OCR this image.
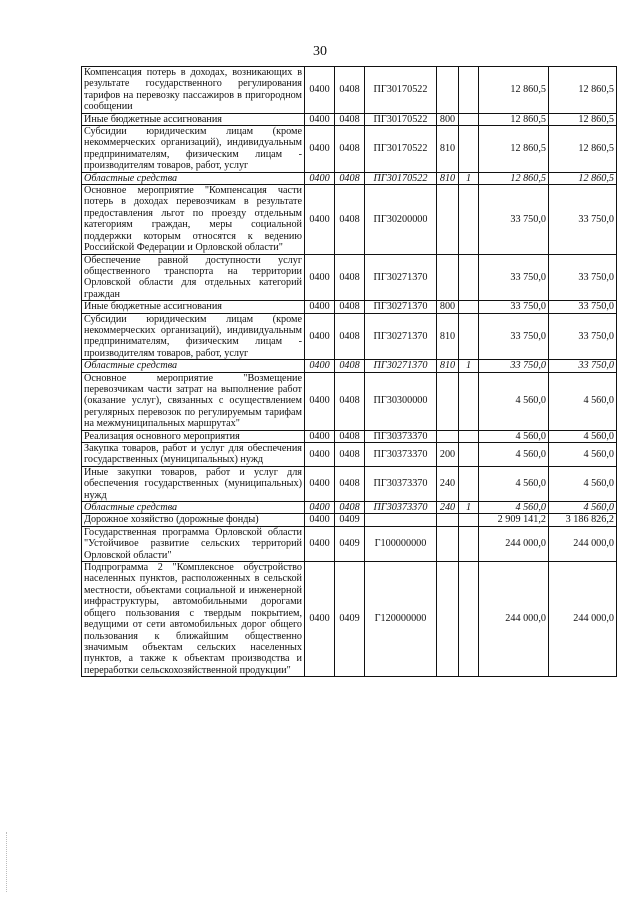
30
Компенсация потерь в доходах, возникающих в результате государственного регулирования тарифов на перевозку пассажиров в пригородном сообщении	0400	0408	ПГ30170522			12 860,5	12 860,5
Иные бюджетные ассигнования	0400	0408	ПГ30170522	800		12 860,5	12 860,5
Субсидии юридическим лицам (кроме некоммерческих организаций), индивидуальным предпринимателям, физическим лицам - производителям товаров, работ, услуг	0400	0408	ПГ30170522	810		12 860,5	12 860,5
Областные средства	0400	0408	ПГ30170522	810	1	12 860,5	12 860,5
Основное мероприятие "Компенсация части потерь в доходах перевозчикам в результате предоставления льгот по проезду отдельным категориям граждан, меры социальной поддержки которым относятся к ведению Российской Федерации и Орловской области"	0400	0408	ПГ30200000			33 750,0	33 750,0
Обеспечение равной доступности услуг общественного транспорта на территории Орловской области для отдельных категорий граждан	0400	0408	ПГ30271370			33 750,0	33 750,0
Иные бюджетные ассигнования	0400	0408	ПГ30271370	800		33 750,0	33 750,0
Субсидии юридическим лицам (кроме некоммерческих организаций), индивидуальным предпринимателям, физическим лицам - производителям товаров, работ, услуг	0400	0408	ПГ30271370	810		33 750,0	33 750,0
Областные средства	0400	0408	ПГ30271370	810	1	33 750,0	33 750,0
Основное мероприятие "Возмещение перевозчикам части затрат на выполнение работ (оказание услуг), связанных с осуществлением регулярных перевозок по регулируемым тарифам на межмуниципальных маршрутах"	0400	0408	ПГ30300000			4 560,0	4 560,0
Реализация основного мероприятия	0400	0408	ПГ30373370			4 560,0	4 560,0
Закупка товаров, работ и услуг для обеспечения государственных (муниципальных) нужд	0400	0408	ПГ30373370	200		4 560,0	4 560,0
Иные закупки товаров, работ и услуг для обеспечения государственных (муниципальных) нужд	0400	0408	ПГ30373370	240		4 560,0	4 560,0
Областные средства	0400	0408	ПГ30373370	240	1	4 560,0	4 560,0
Дорожное хозяйство (дорожные фонды)	0400	0409				2 909 141,2	3 186 826,2
Государственная программа Орловской области "Устойчивое развитие сельских территорий Орловской области"	0400	0409	Г100000000			244 000,0	244 000,0
Подпрограмма 2 "Комплексное обустройство населенных пунктов, расположенных в сельской местности, объектами социальной и инженерной инфраструктуры, автомобильными дорогами общего пользования с твердым покрытием, ведущими от сети автомобильных дорог общего пользования к ближайшим общественно значимым объектам сельских населенных пунктов, а также к объектам производства и переработки сельскохозяйственной продукции"	0400	0409	Г120000000			244 000,0	244 000,0
